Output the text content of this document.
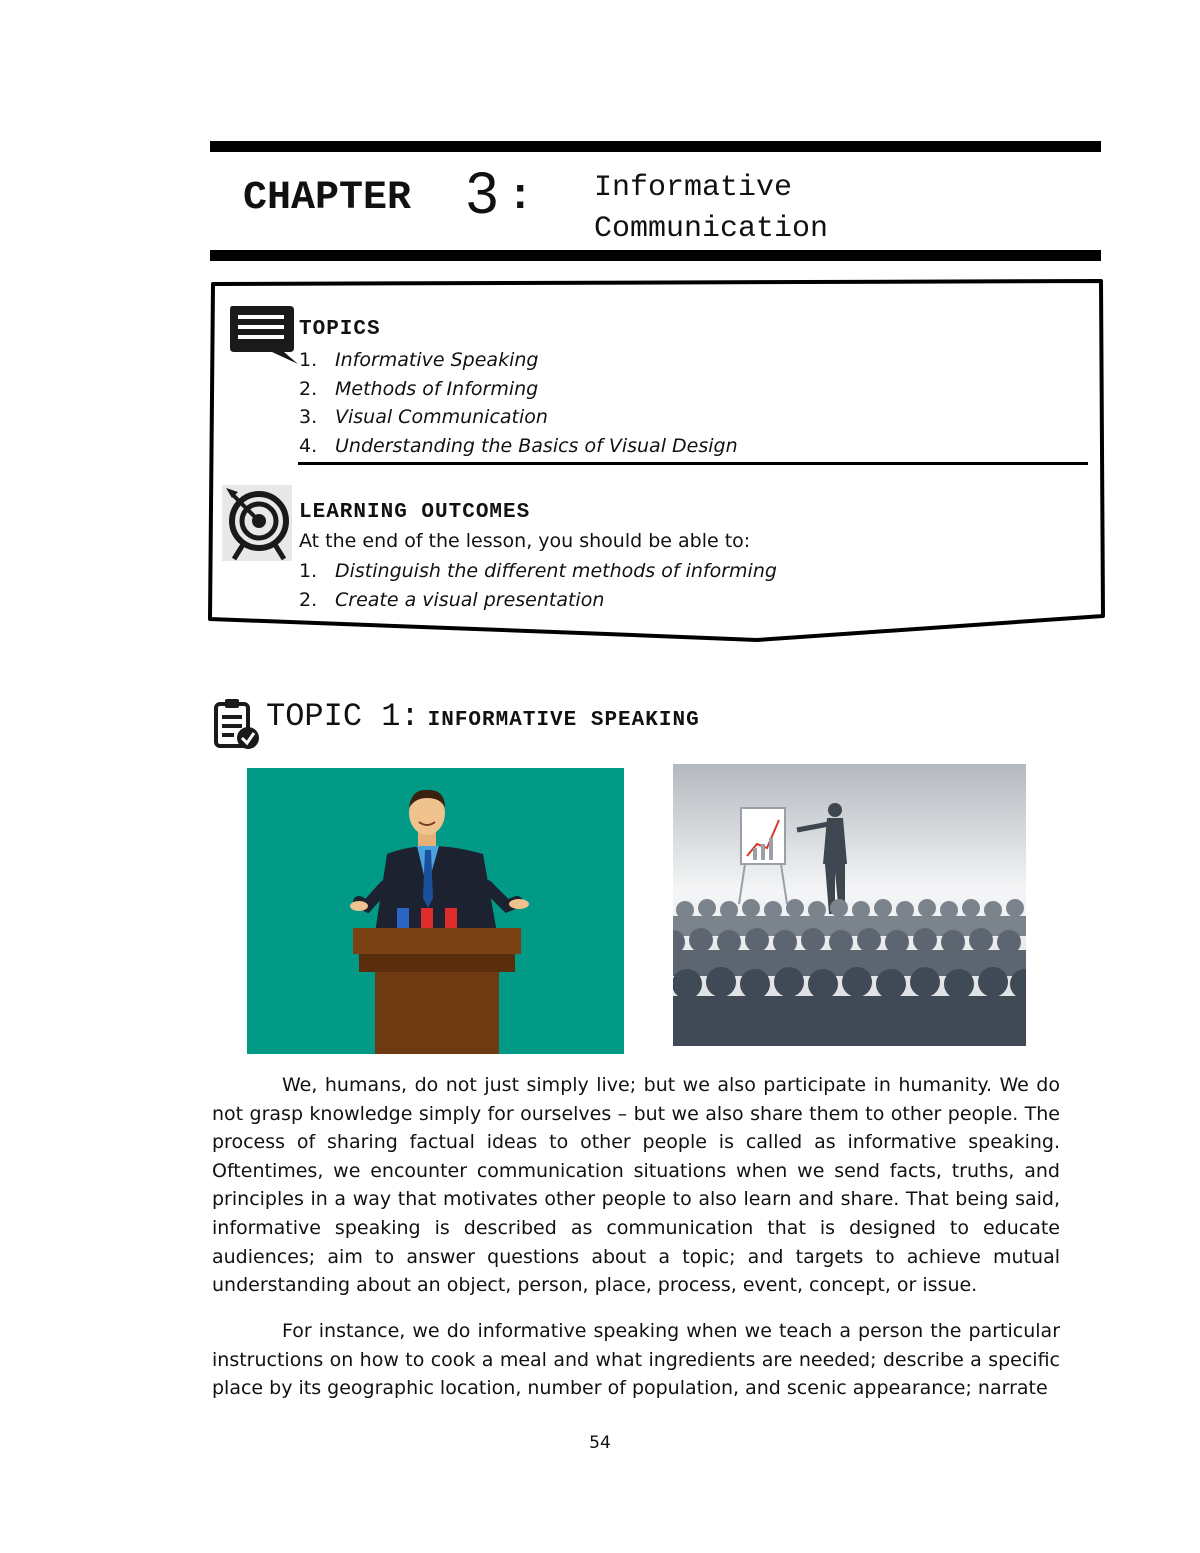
CHAPTER 3 : Informative
Communication
TOPICS
1. Informative Speaking
2. Methods of Informing
3. Visual Communication
4. Understanding the Basics of Visual Design
LEARNING OUTCOMES
At the end of the lesson, you should be able to:
1. Distinguish the different methods of informing
2. Create a visual presentation
TOPIC 1: INFORMATIVE SPEAKING

We, humans, do not just simply live; but we also participate in humanity. We do not grasp knowledge simply for ourselves – but we also share them to other people. The process of sharing factual ideas to other people is called as informative speaking. Oftentimes, we encounter communication situations when we send facts, truths, and principles in a way that motivates other people to also learn and share. That being said, informative speaking is described as communication that is designed to educate audiences; aim to answer questions about a topic; and targets to achieve mutual understanding about an object, person, place, process, event, concept, or issue.

For instance, we do informative speaking when we teach a person the particular instructions on how to cook a meal and what ingredients are needed; describe a specific place by its geographic location, number of population, and scenic appearance; narrate

54
